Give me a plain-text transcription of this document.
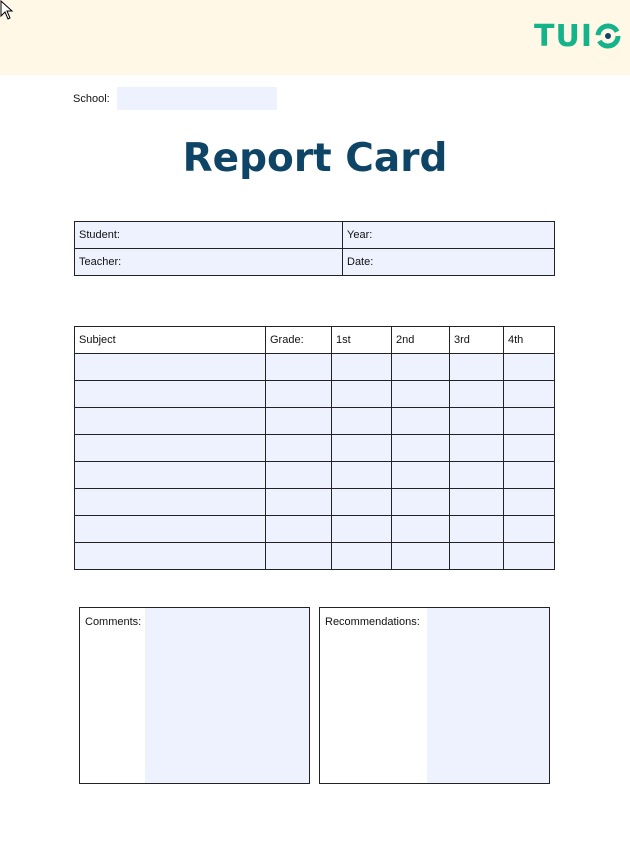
TUI
School:
Report Card
Student:	Year:
Teacher:	Date:
Subject	Grade:	1st	2nd	3rd	4th

Comments:	Recommendations:
